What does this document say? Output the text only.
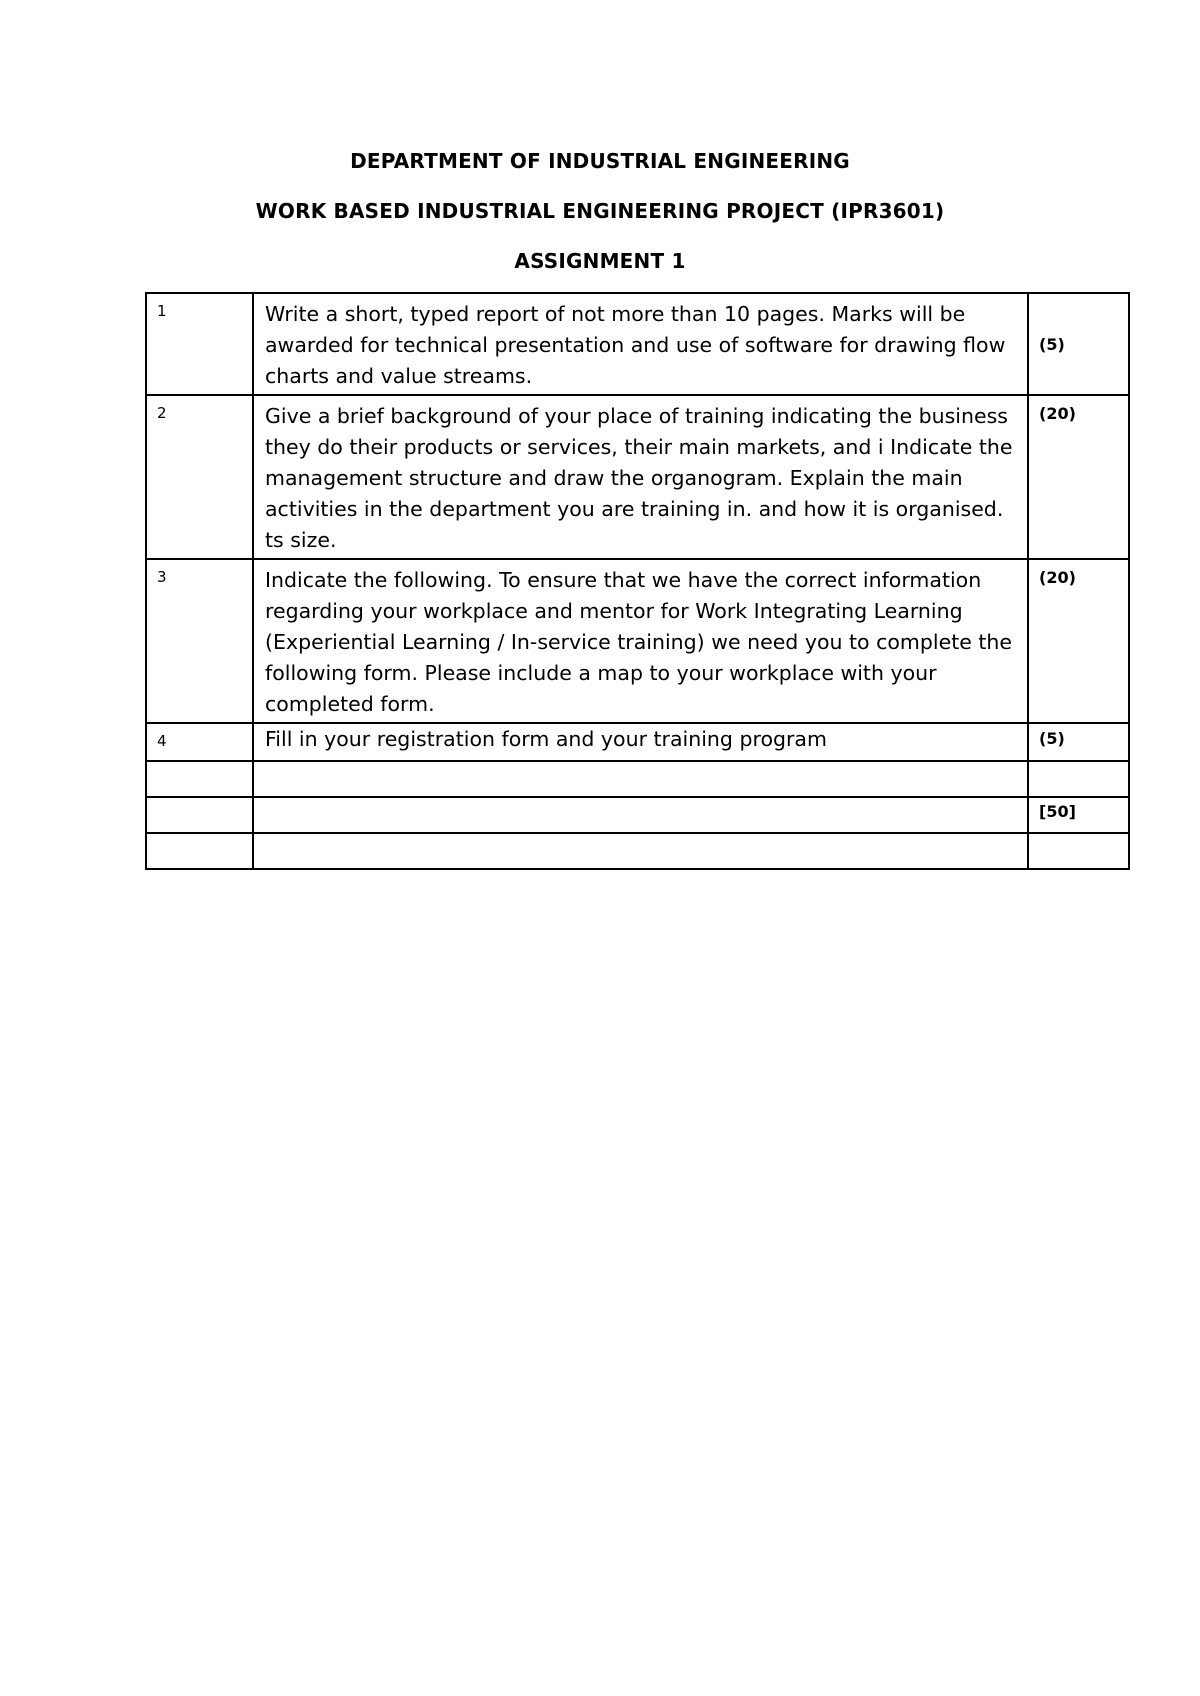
DEPARTMENT OF INDUSTRIAL ENGINEERING
WORK BASED INDUSTRIAL ENGINEERING PROJECT (IPR3601)
ASSIGNMENT 1
1	Write a short, typed report of not more than 10 pages. Marks will be awarded for technical presentation and use of software for drawing flow charts and value streams.	(5)
2	Give a brief background of your place of training indicating the business they do their products or services, their main markets, and i Indicate the management structure and draw the organogram. Explain the main activities in the department you are training in. and how it is organised. ts size.	(20)
3	Indicate the following. To ensure that we have the correct information regarding your workplace and mentor for Work Integrating Learning (Experiential Learning / In-service training) we need you to complete the following form. Please include a map to your workplace with your completed form.	(20)
4	Fill in your registration form and your training program	(5)

		[50]
